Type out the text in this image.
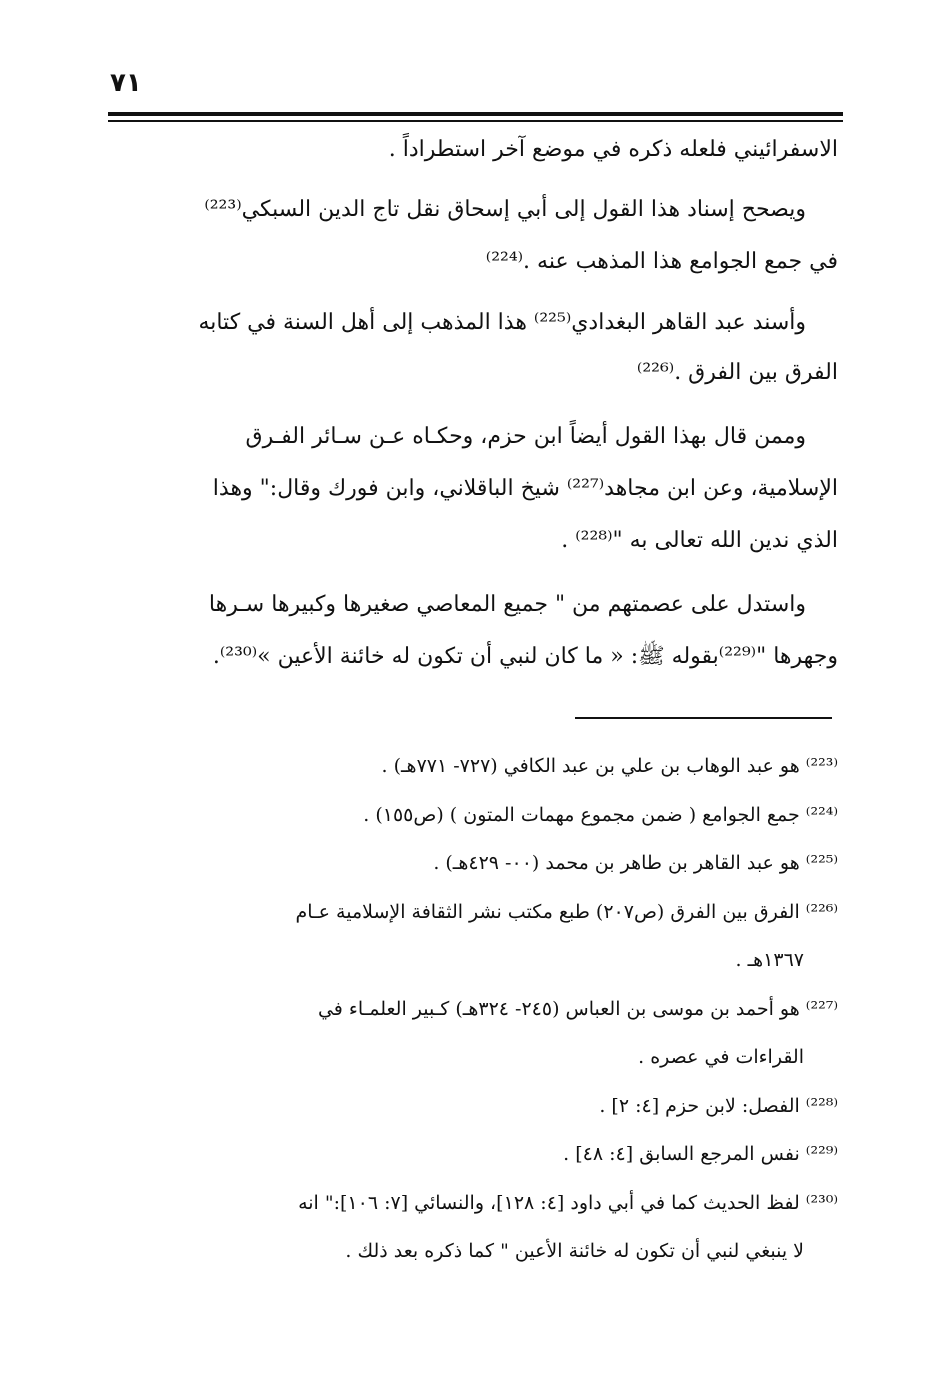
٧١
الاسفرائيني فلعله ذكره في موضع آخر استطراداً .
ويصحح إسناد هذا القول إلى أبي إسحاق نقل تاج الدين السبكي⁽²²³⁾
في جمع الجوامع هذا المذهب عنه .⁽²²⁴⁾
وأسند عبد القاهر البغدادي⁽²²⁵⁾ هذا المذهب إلى أهل السنة في كتابه
الفرق بين الفرق .⁽²²⁶⁾
وممن قال بهذا القول أيضاً ابن حزم، وحكـاه عـن سـائر الفـرق
الإسلامية، وعن ابن مجاهد⁽²²⁷⁾ شيخ الباقلاني، وابن فورك وقال:" وهذا
الذي ندين الله تعالى به "⁽²²⁸⁾ .
واستدل على عصمتهم من " جميع المعاصي صغيرها وكبيرها سـرها
وجهرها "⁽²²⁹⁾بقوله ﷺ: « ما كان لنبي أن تكون له خائنة الأعين »⁽²³⁰⁾.
⁽²²³⁾ هو عبد الوهاب بن علي بن عبد الكافي (٧٢٧- ٧٧١هـ) .
⁽²²⁴⁾ جمع الجوامع ( ضمن مجموع مهمات المتون ) (ص١٥٥) .
⁽²²⁵⁾ هو عبد القاهر بن طاهر بن محمد (٠٠- ٤٢٩هـ) .
⁽²²⁶⁾ الفرق بين الفرق (ص٢٠٧) طبع مكتب نشر الثقافة الإسلامية عـام
١٣٦٧هـ .
⁽²²⁷⁾ هو أحمد بن موسى بن العباس (٢٤٥- ٣٢٤هـ) كـبير العلمـاء في
القراءات في عصره .
⁽²²⁸⁾ الفصل: لابن حزم [٤: ٢] .
⁽²²⁹⁾ نفس المرجع السابق [٤: ٤٨] .
⁽²³⁰⁾ لفظ الحديث كما في أبي داود [٤: ١٢٨]، والنسائي [٧: ١٠٦]:" انه
لا ينبغي لنبي أن تكون له خائنة الأعين " كما ذكره بعد ذلك .
